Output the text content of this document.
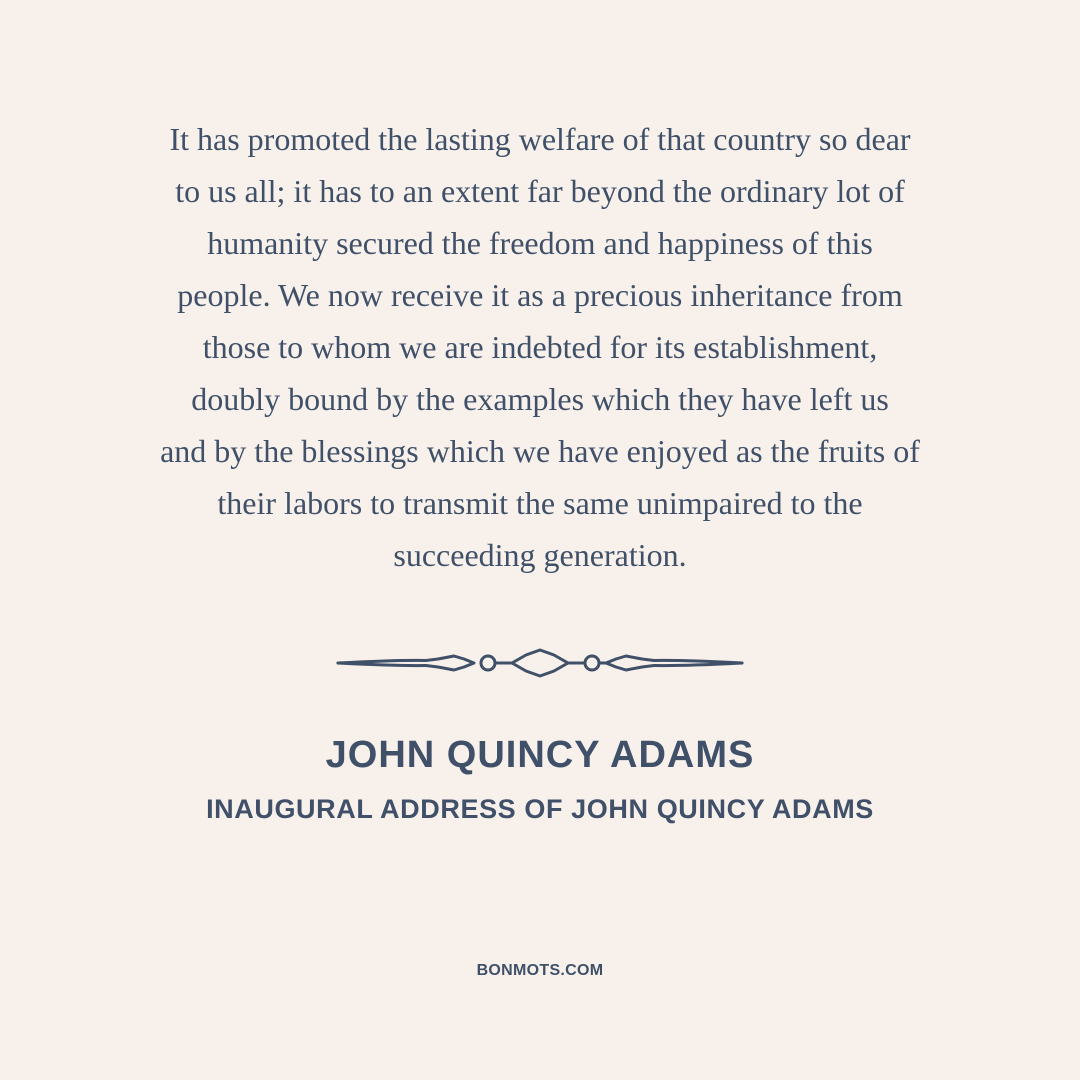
It has promoted the lasting welfare of that country so dear
to us all; it has to an extent far beyond the ordinary lot of
humanity secured the freedom and happiness of this
people. We now receive it as a precious inheritance from
those to whom we are indebted for its establishment,
doubly bound by the examples which they have left us
and by the blessings which we have enjoyed as the fruits of
their labors to transmit the same unimpaired to the
succeeding generation.

JOHN QUINCY ADAMS
INAUGURAL ADDRESS OF JOHN QUINCY ADAMS
BONMOTS.COM
